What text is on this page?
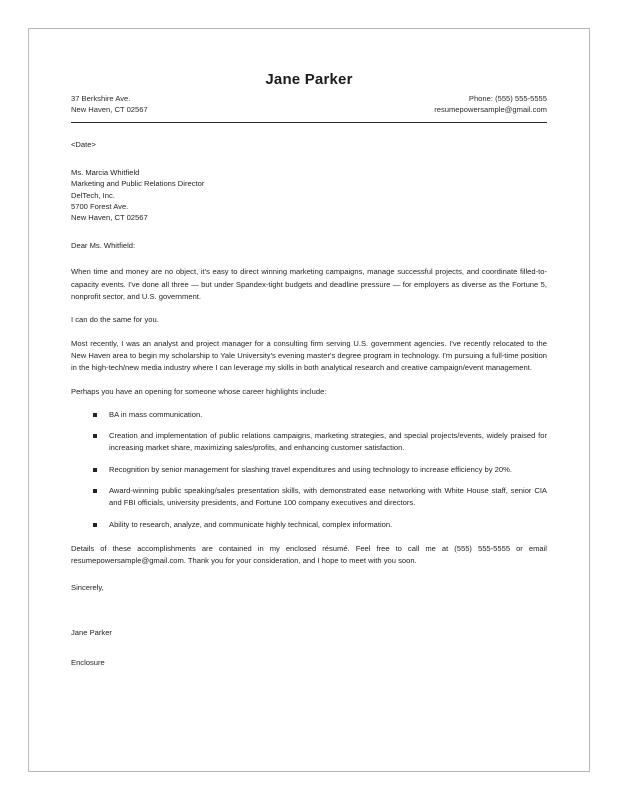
Jane Parker
37 Berkshire Ave.
New Haven, CT 02567
Phone: (555) 555-5555
resumepowersample@gmail.com
<Date>
Ms. Marcia Whitfield
Marketing and Public Relations Director
DelTech, Inc.
5700 Forest Ave.
New Haven, CT 02567
Dear Ms. Whitfield:

When time and money are no object, it's easy to direct winning marketing campaigns, manage successful projects, and coordinate filled-to-capacity events. I've done all three — but under Spandex-tight budgets and deadline pressure — for employers as diverse as the Fortune 5, nonprofit sector, and U.S. government.

I can do the same for you.

Most recently, I was an analyst and project manager for a consulting firm serving U.S. government agencies. I've recently relocated to the New Haven area to begin my scholarship to Yale University's evening master's degree program in technology. I'm pursuing a full-time position in the high-tech/new media industry where I can leverage my skills in both analytical research and creative campaign/event management.

Perhaps you have an opening for someone whose career highlights include:

BA in mass communication.
Creation and implementation of public relations campaigns, marketing strategies, and special projects/events, widely praised for increasing market share, maximizing sales/profits, and enhancing customer satisfaction.
Recognition by senior management for slashing travel expenditures and using technology to increase efficiency by 20%.
Award-winning public speaking/sales presentation skills, with demonstrated ease networking with White House staff, senior CIA and FBI officials, university presidents, and Fortune 100 company executives and directors.
Ability to research, analyze, and communicate highly technical, complex information.

Details of these accomplishments are contained in my enclosed résumé. Feel free to call me at (555) 555-5555 or email resumepowersample@gmail.com. Thank you for your consideration, and I hope to meet with you soon.

Sincerely,
Jane Parker
Enclosure
